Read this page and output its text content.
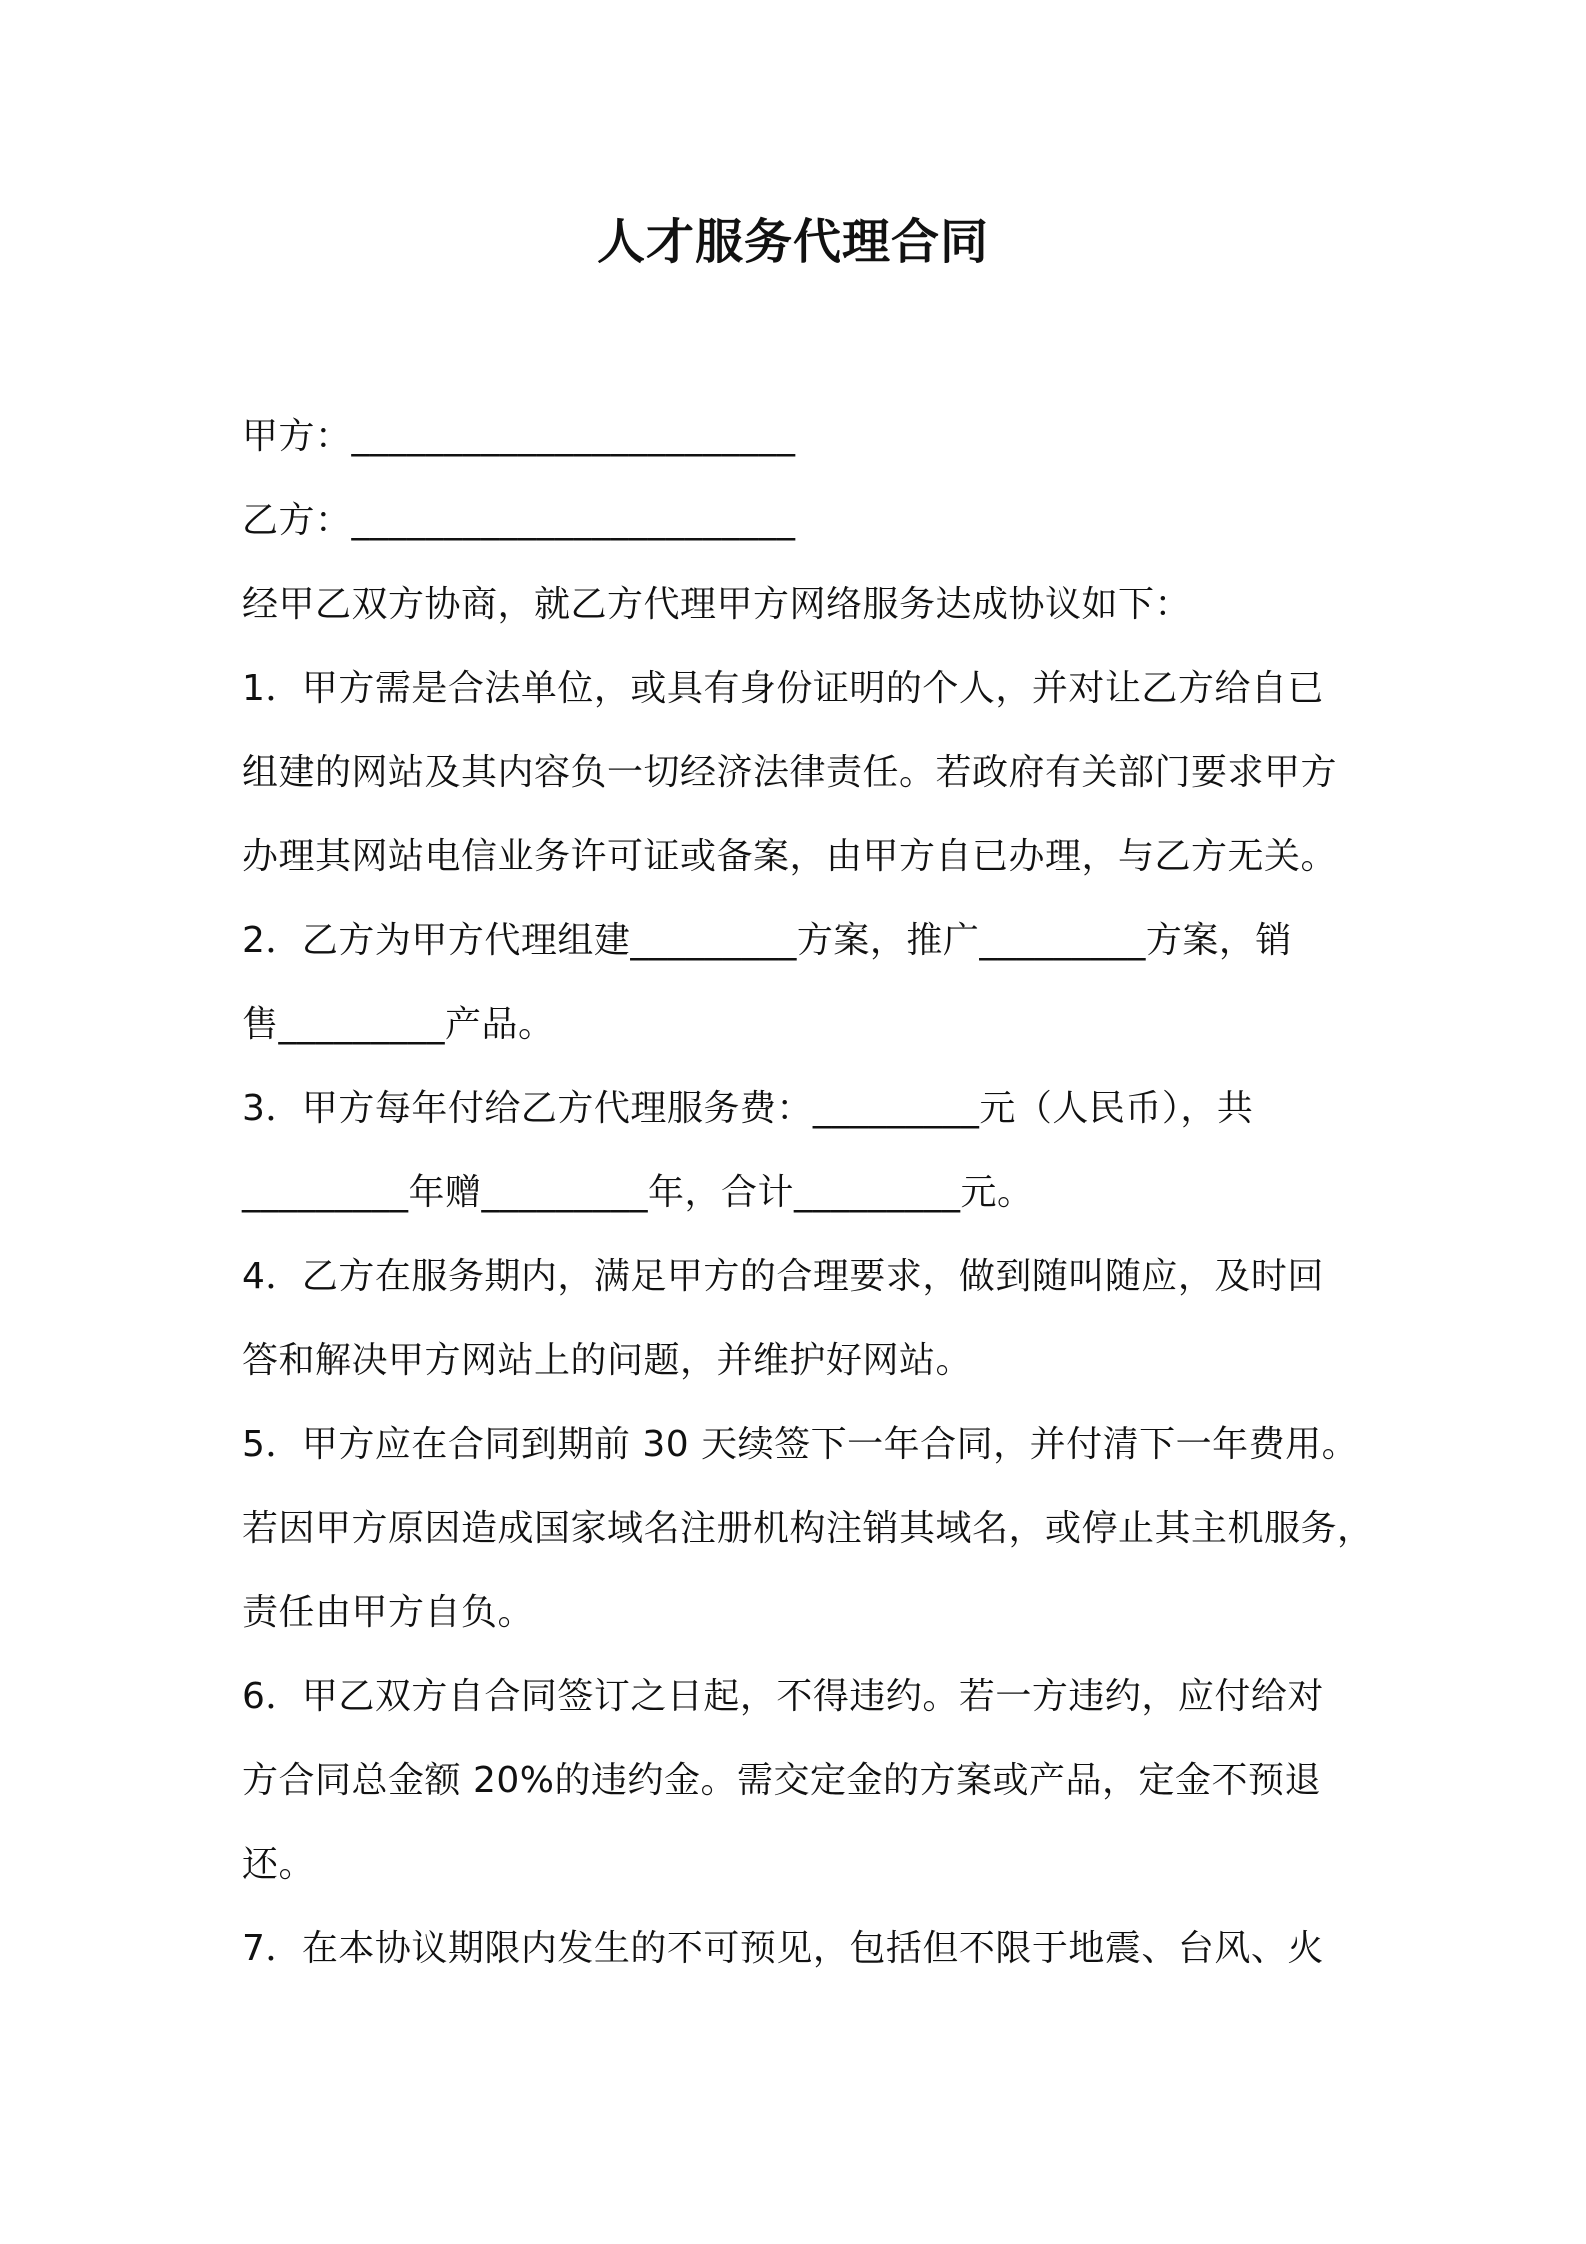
人才服务代理合同
甲方：________________________
乙方：________________________
经甲乙双方协商，就乙方代理甲方网络服务达成协议如下：
1．甲方需是合法单位，或具有身份证明的个人，并对让乙方给自已
组建的网站及其内容负一切经济法律责任。若政府有关部门要求甲方
办理其网站电信业务许可证或备案，由甲方自已办理，与乙方无关。
2．乙方为甲方代理组建_________方案，推广_________方案，销
售_________产品。
3．甲方每年付给乙方代理服务费：_________元（人民币），共
_________年赠_________年，合计_________元。
4．乙方在服务期内，满足甲方的合理要求，做到随叫随应，及时回
答和解决甲方网站上的问题，并维护好网站。
5．甲方应在合同到期前 30 天续签下一年合同，并付清下一年费用。
若因甲方原因造成国家域名注册机构注销其域名，或停止其主机服务，
责任由甲方自负。
6．甲乙双方自合同签订之日起，不得违约。若一方违约，应付给对
方合同总金额 20%的违约金。需交定金的方案或产品，定金不预退
还。
7．在本协议期限内发生的不可预见，包括但不限于地震、台风、火
